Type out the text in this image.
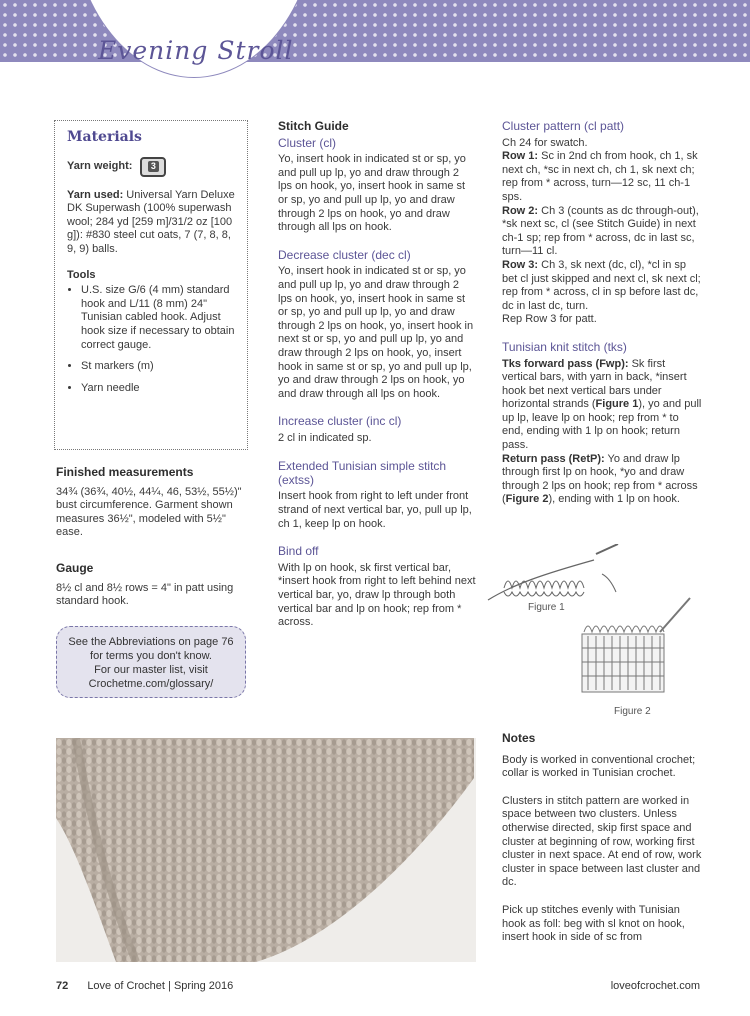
Evening Stroll
Materials
Yarn weight:	3

Yarn used: Universal Yarn Deluxe DK Superwash (100% superwash wool; 284 yd [259 m]/31/2 oz [100 g]): #830 steel cut oats, 7 (7, 8, 8, 9, 9) balls.

Tools
• U.S. size G/6 (4 mm) standard hook and L/11 (8 mm) 24" Tunisian cabled hook. Adjust hook size if necessary to obtain correct gauge.
• St markers (m)
• Yarn needle
Finished measurements

34¾ (36¾, 40½, 44¼, 46, 53½, 55½)" bust circumference. Garment shown measures 36½", modeled with 5½" ease.

Gauge

8½ cl and 8½ rows = 4" in patt using standard hook.

See the Abbreviations on page 76 for terms you don't know.
For our master list, visit Crochetme.com/glossary/
Stitch Guide
Cluster (cl)

Yo, insert hook in indicated st or sp, yo and pull up lp, yo and draw through 2 lps on hook, yo, insert hook in same st or sp, yo and pull up lp, yo and draw through 2 lps on hook, yo and draw through all lps on hook.

Decrease cluster (dec cl)

Yo, insert hook in indicated st or sp, yo and pull up lp, yo and draw through 2 lps on hook, yo, insert hook in same st or sp, yo and pull up lp, yo and draw through 2 lps on hook, yo, insert hook in next st or sp, yo and pull up lp, yo and draw through 2 lps on hook, yo, insert hook in same st or sp, yo and pull up lp, yo and draw through 2 lps on hook, yo and draw through all lps on hook.

Increase cluster (inc cl)

2 cl in indicated sp.

Extended Tunisian simple stitch (extss)

Insert hook from right to left under front strand of next vertical bar, yo, pull up lp, ch 1, keep lp on hook.

Bind off

With lp on hook, sk first vertical bar, *insert hook from right to left behind next vertical bar, yo, draw lp through both vertical bar and lp on hook; rep from * across.

Cluster pattern (cl patt)

Ch 24 for swatch.

Row 1: Sc in 2nd ch from hook, ch 1, sk next ch, *sc in next ch, ch 1, sk next ch; rep from * across, turn—12 sc, 11 ch-1 sps.

Row 2: Ch 3 (counts as dc through-out), *sk next sc, cl (see Stitch Guide) in next ch-1 sp; rep from * across, dc in last sc, turn—11 cl.

Row 3: Ch 3, sk next (dc, cl), *cl in sp bet cl just skipped and next cl, sk next cl; rep from * across, cl in sp before last dc, dc in last dc, turn.

Rep Row 3 for patt.

Tunisian knit stitch (tks)

Tks forward pass (Fwp): Sk first vertical bars, with yarn in back, *insert hook bet next vertical bars under horizontal strands (Figure 1), yo and pull up lp, leave lp on hook; rep from * to end, ending with 1 lp on hook; return pass.

Return pass (RetP): Yo and draw lp through first lp on hook, *yo and draw through 2 lps on hook; rep from * across (Figure 2), ending with 1 lp on hook.

Figure 1
Figure 2
Notes

Body is worked in conventional crochet; collar is worked in Tunisian crochet.

Clusters in stitch pattern are worked in space between two clusters. Unless otherwise directed, skip first space and cluster at beginning of row, working first cluster in next space. At end of row, work cluster in space between last cluster and dc.

Pick up stitches evenly with Tunisian hook as foll: beg with sl knot on hook, insert hook in side of sc from

72 Love of Crochet | Spring 2016	loveofcrochet.com
